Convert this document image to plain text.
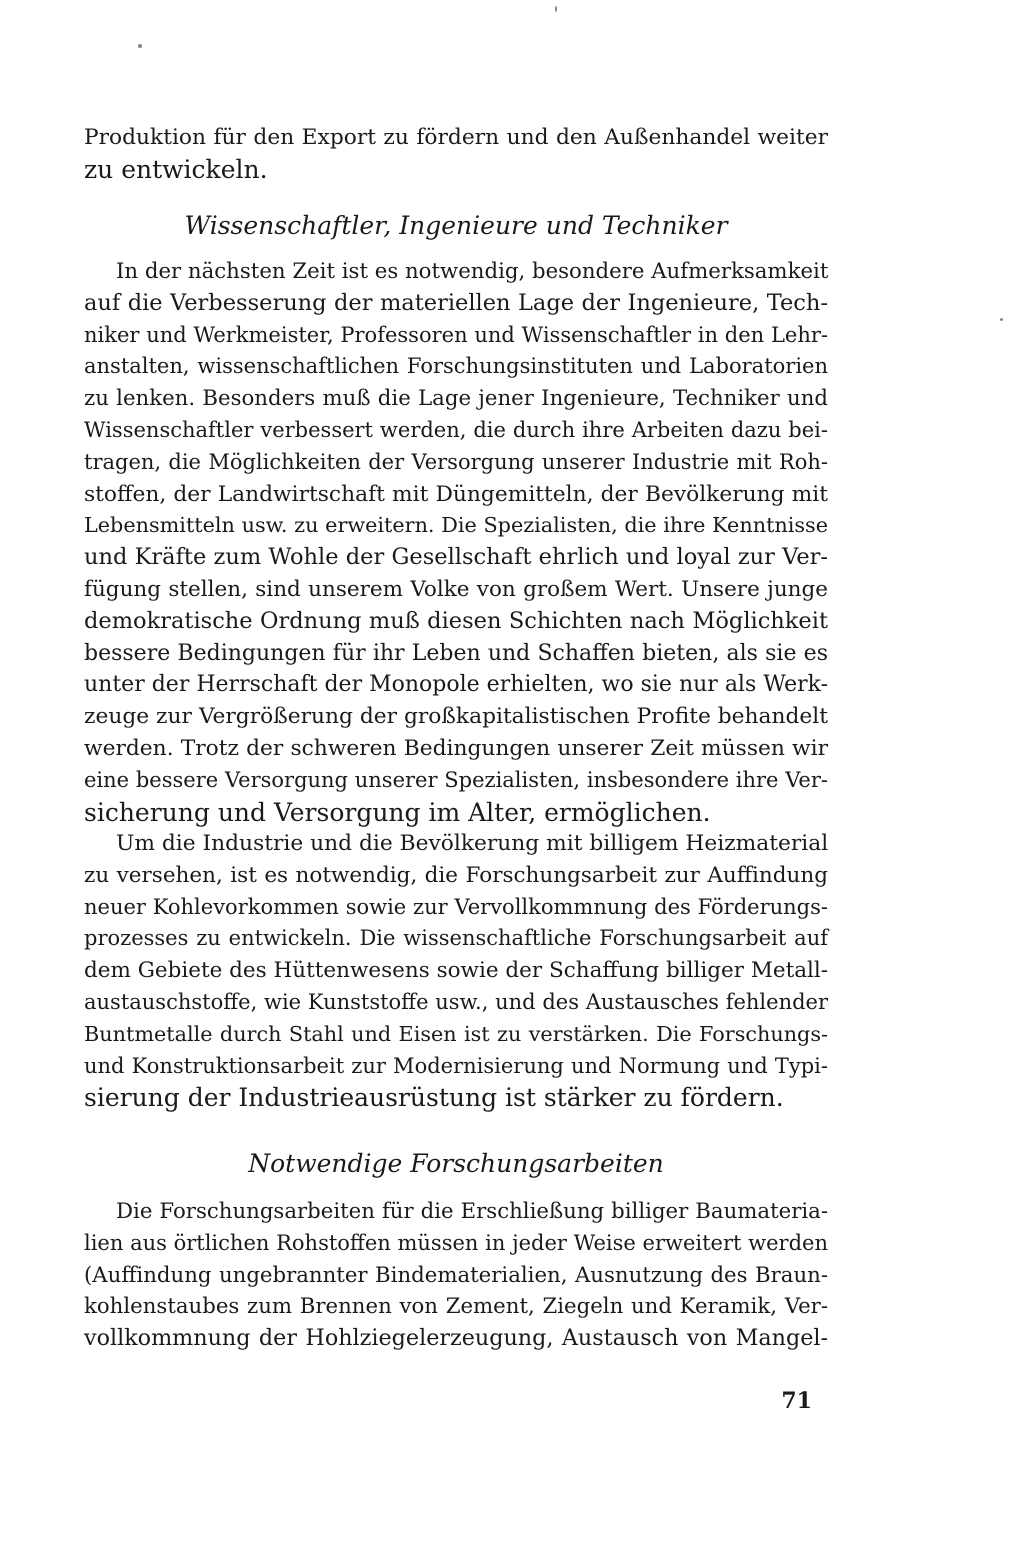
Produktion für den Export zu fördern und den Außenhandel weiter
zu entwickeln.
Wissenschaftler, Ingenieure und Techniker
In der nächsten Zeit ist es notwendig, besondere Aufmerksamkeit
auf die Verbesserung der materiellen Lage der Ingenieure, Tech-
niker und Werkmeister, Professoren und Wissenschaftler in den Lehr-
anstalten, wissenschaftlichen Forschungsinstituten und Laboratorien
zu lenken. Besonders muß die Lage jener Ingenieure, Techniker und
Wissenschaftler verbessert werden, die durch ihre Arbeiten dazu bei-
tragen, die Möglichkeiten der Versorgung unserer Industrie mit Roh-
stoffen, der Landwirtschaft mit Düngemitteln, der Bevölkerung mit
Lebensmitteln usw. zu erweitern. Die Spezialisten, die ihre Kenntnisse
und Kräfte zum Wohle der Gesellschaft ehrlich und loyal zur Ver-
fügung stellen, sind unserem Volke von großem Wert. Unsere junge
demokratische Ordnung muß diesen Schichten nach Möglichkeit
bessere Bedingungen für ihr Leben und Schaffen bieten, als sie es
unter der Herrschaft der Monopole erhielten, wo sie nur als Werk-
zeuge zur Vergrößerung der großkapitalistischen Profite behandelt
werden. Trotz der schweren Bedingungen unserer Zeit müssen wir
eine bessere Versorgung unserer Spezialisten, insbesondere ihre Ver-
sicherung und Versorgung im Alter, ermöglichen.
Um die Industrie und die Bevölkerung mit billigem Heizmaterial
zu versehen, ist es notwendig, die Forschungsarbeit zur Auffindung
neuer Kohlevorkommen sowie zur Vervollkommnung des Förderungs-
prozesses zu entwickeln. Die wissenschaftliche Forschungsarbeit auf
dem Gebiete des Hüttenwesens sowie der Schaffung billiger Metall-
austauschstoffe, wie Kunststoffe usw., und des Austausches fehlender
Buntmetalle durch Stahl und Eisen ist zu verstärken. Die Forschungs-
und Konstruktionsarbeit zur Modernisierung und Normung und Typi-
sierung der Industrieausrüstung ist stärker zu fördern.
Notwendige Forschungsarbeiten
Die Forschungsarbeiten für die Erschließung billiger Baumateria-
lien aus örtlichen Rohstoffen müssen in jeder Weise erweitert werden
(Auffindung ungebrannter Bindematerialien, Ausnutzung des Braun-
kohlenstaubes zum Brennen von Zement, Ziegeln und Keramik, Ver-
vollkommnung der Hohlziegelerzeugung, Austausch von Mangel-
71
